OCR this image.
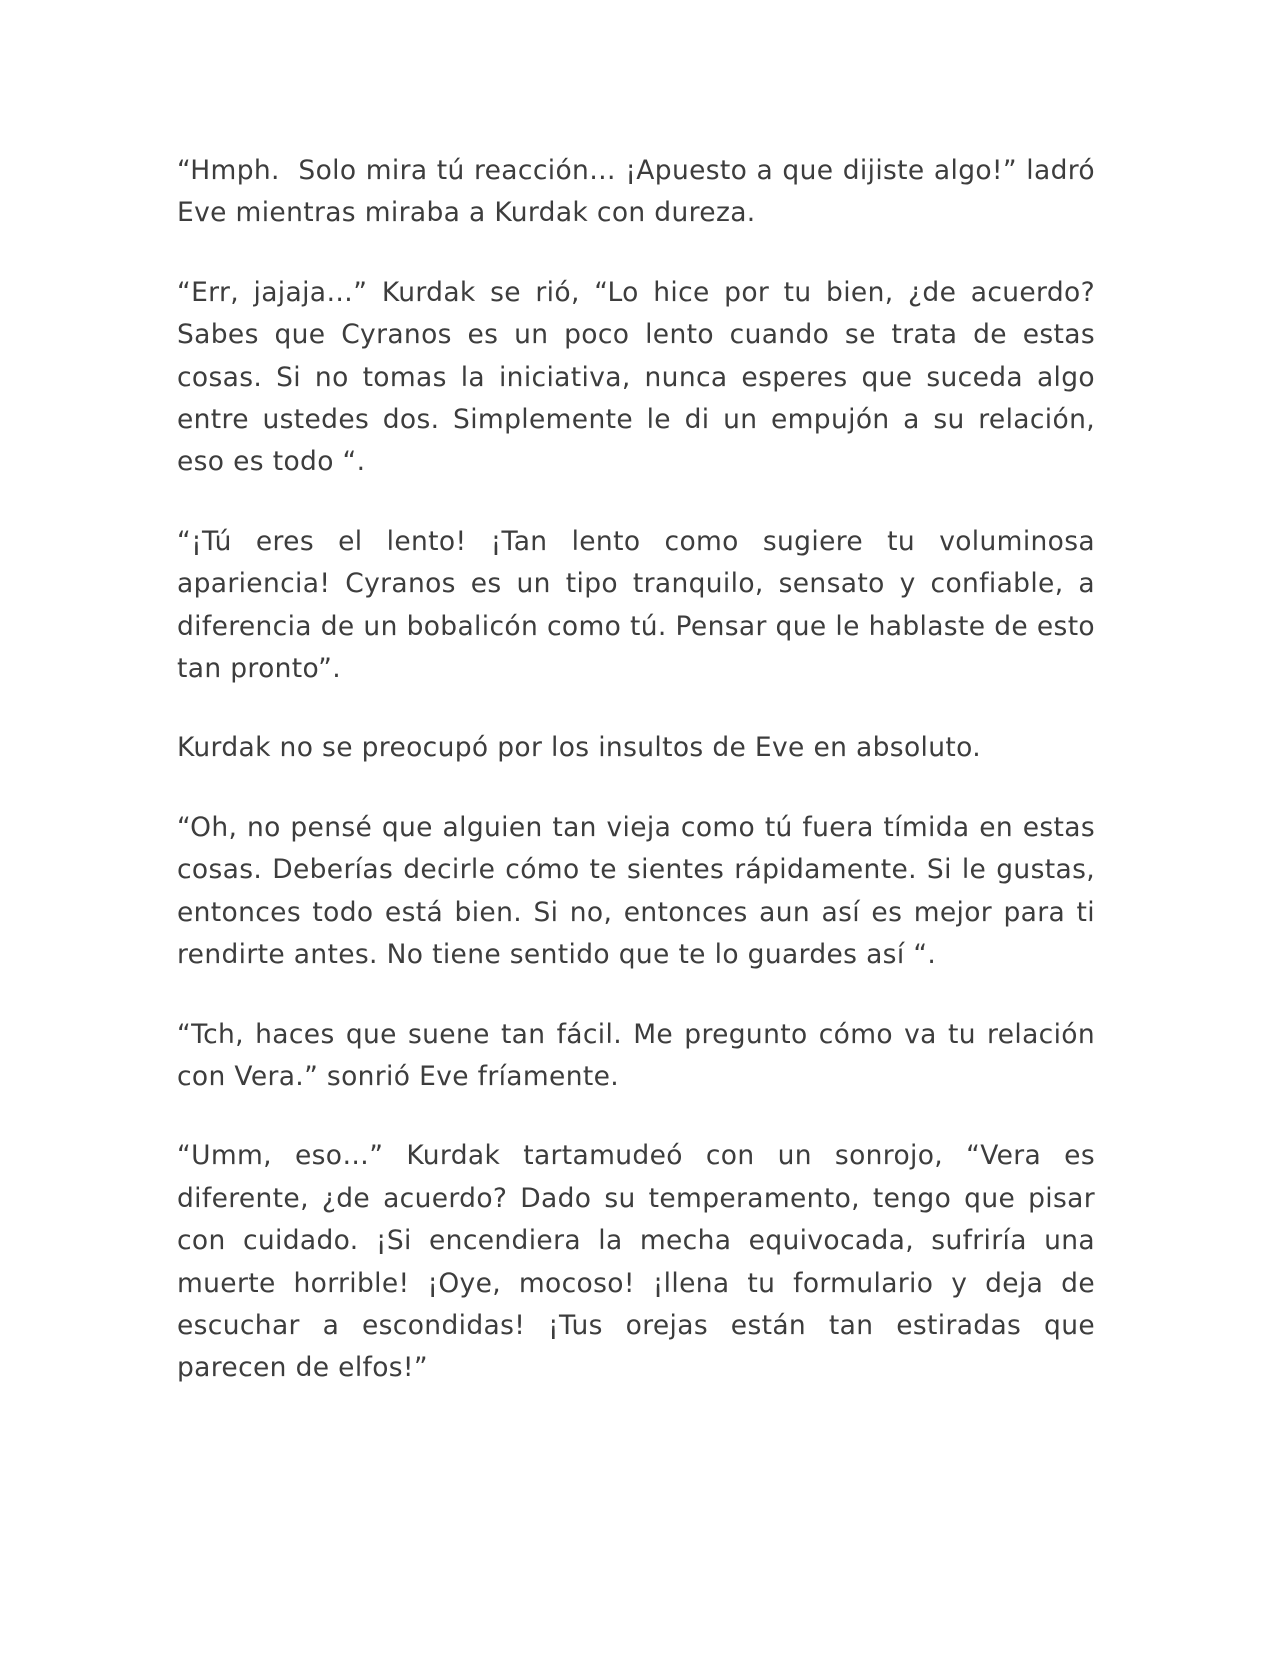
“Hmph.  Solo mira tú reacción… ¡Apuesto a que dijiste algo!” ladró Eve mientras miraba a Kurdak con dureza.

“Err, jajaja…” Kurdak se rió, “Lo hice por tu bien, ¿de acuerdo? Sabes que Cyranos es un poco lento cuando se trata de estas cosas. Si no tomas la iniciativa, nunca esperes que suceda algo entre ustedes dos. Simplemente le di un empujón a su relación, eso es todo “.

“¡Tú eres el lento! ¡Tan lento como sugiere tu voluminosa apariencia! Cyranos es un tipo tranquilo, sensato y confiable, a diferencia de un bobalicón como tú. Pensar que le hablaste de esto tan pronto”.

Kurdak no se preocupó por los insultos de Eve en absoluto.

“Oh, no pensé que alguien tan vieja como tú fuera tímida en estas cosas. Deberías decirle cómo te sientes rápidamente. Si le gustas, entonces todo está bien. Si no, entonces aun así es mejor para ti rendirte antes. No tiene sentido que te lo guardes así “.

“Tch, haces que suene tan fácil. Me pregunto cómo va tu relación con Vera.” sonrió Eve fríamente.

“Umm, eso…” Kurdak tartamudeó con un sonrojo, “Vera es diferente, ¿de acuerdo? Dado su temperamento, tengo que pisar con cuidado. ¡Si encendiera la mecha equivocada, sufriría una muerte horrible! ¡Oye, mocoso! ¡llena tu formulario y deja de escuchar a escondidas! ¡Tus orejas están tan estiradas que parecen de elfos!”
